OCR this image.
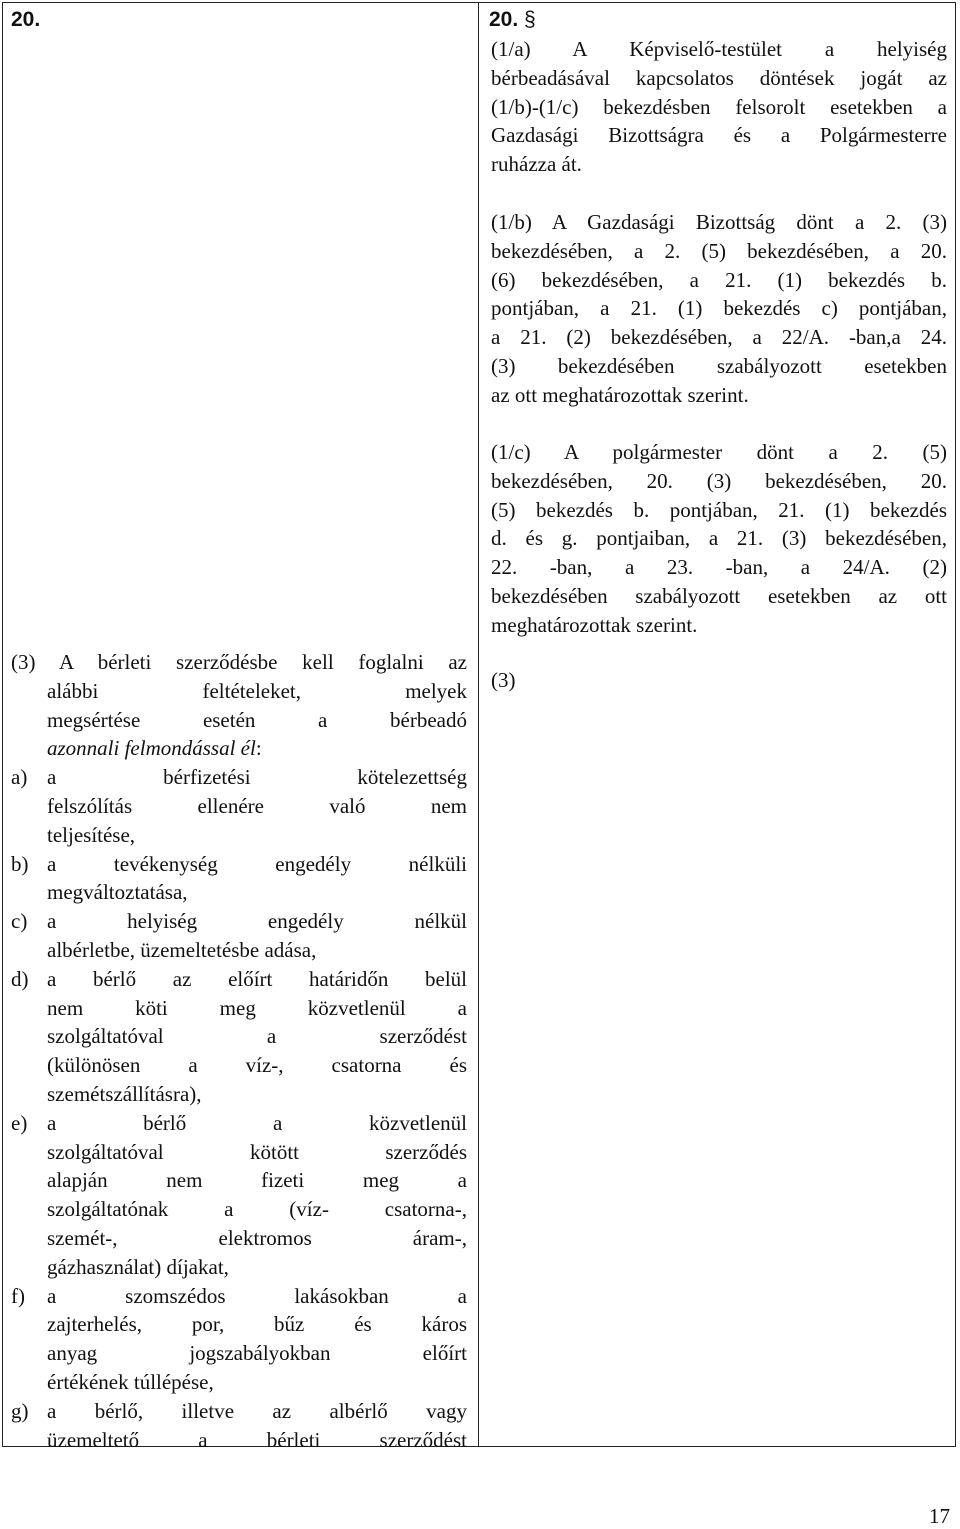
20.
(3) A bérleti szerződésbe kell foglalni az
alábbi feltételeket, melyek
megsértése esetén a bérbeadó
azonnali felmondással él:
a) a bérfizetési kötelezettség
felszólítás ellenére való nem
teljesítése,
b) a tevékenység engedély nélküli
megváltoztatása,
c) a helyiség engedély nélkül
albérletbe, üzemeltetésbe adása,
d) a bérlő az előírt határidőn belül
nem köti meg közvetlenül a
szolgáltatóval a szerződést
(különösen a víz-, csatorna és
szemétszállításra),
e) a bérlő a közvetlenül
szolgáltatóval kötött szerződés
alapján nem fizeti meg a
szolgáltatónak a (víz- csatorna-,
szemét-, elektromos áram-,
gázhasználat) díjakat,
f) a szomszédos lakásokban a
zajterhelés, por, bűz és káros
anyag jogszabályokban előírt
értékének túllépése,
g) a bérlő, illetve az albérlő vagy
üzemeltető a bérleti szerződést
20. §
(1/a) A Képviselő-testület a helyiség
bérbeadásával kapcsolatos döntések jogát az
(1/b)-(1/c) bekezdésben felsorolt esetekben a
Gazdasági Bizottságra és a Polgármesterre
ruházza át.
(1/b) A Gazdasági Bizottság dönt a 2. (3)
bekezdésében, a 2. (5) bekezdésében, a 20.
(6) bekezdésében, a 21. (1) bekezdés b.
pontjában, a 21. (1) bekezdés c) pontjában,
a 21. (2) bekezdésében, a 22/A. -ban,a 24.
(3) bekezdésében szabályozott esetekben
az ott meghatározottak szerint.
(1/c) A polgármester dönt a 2. (5)
bekezdésében, 20. (3) bekezdésében, 20.
(5) bekezdés b. pontjában, 21. (1) bekezdés
d. és g. pontjaiban, a 21. (3) bekezdésében,
22. -ban, a 23. -ban, a 24/A. (2)
bekezdésében szabályozott esetekben az ott
meghatározottak szerint.
(3)
17
